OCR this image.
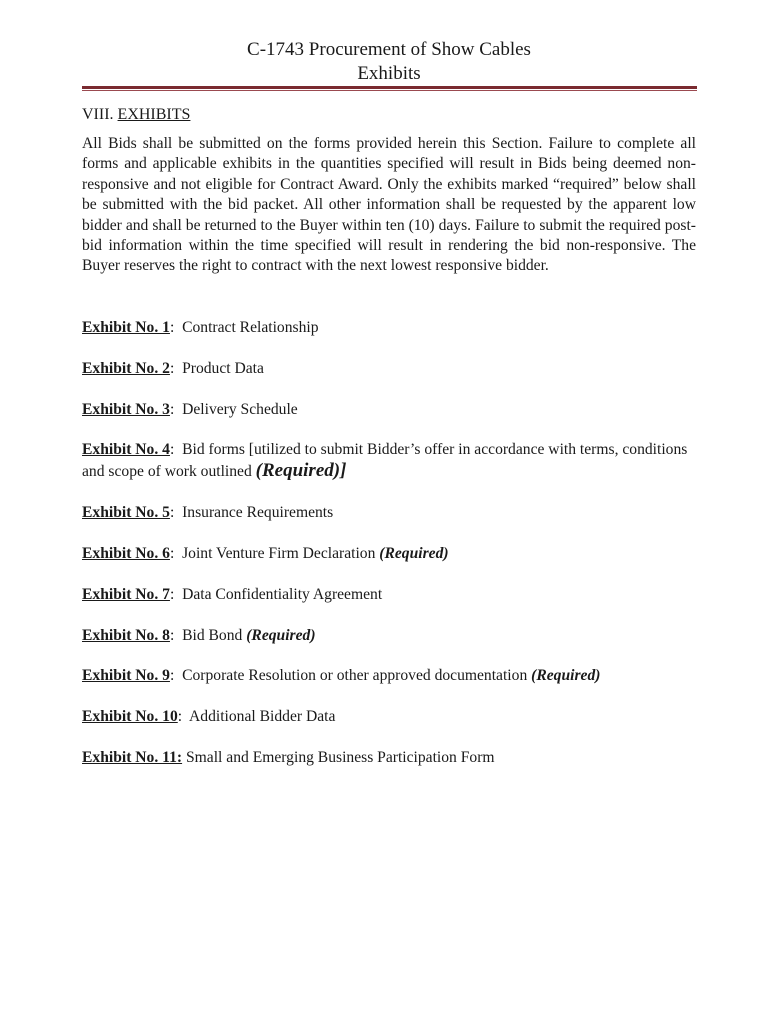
C-1743 Procurement of Show Cables
Exhibits
VIII. EXHIBITS
All Bids shall be submitted on the forms provided herein this Section. Failure to complete all forms and applicable exhibits in the quantities specified will result in Bids being deemed non-responsive and not eligible for Contract Award. Only the exhibits marked “required” below shall be submitted with the bid packet. All other information shall be requested by the apparent low bidder and shall be returned to the Buyer within ten (10) days. Failure to submit the required post-bid information within the time specified will result in rendering the bid non-responsive. The Buyer reserves the right to contract with the next lowest responsive bidder.
Exhibit No. 1:  Contract Relationship
Exhibit No. 2:  Product Data
Exhibit No. 3:  Delivery Schedule
Exhibit No. 4:  Bid forms [utilized to submit Bidder’s offer in accordance with terms, conditions and scope of work outlined (Required)]
Exhibit No. 5:  Insurance Requirements
Exhibit No. 6:  Joint Venture Firm Declaration (Required)
Exhibit No. 7:  Data Confidentiality Agreement
Exhibit No. 8:  Bid Bond (Required)
Exhibit No. 9:  Corporate Resolution or other approved documentation (Required)
Exhibit No. 10:  Additional Bidder Data
Exhibit No. 11: Small and Emerging Business Participation Form
